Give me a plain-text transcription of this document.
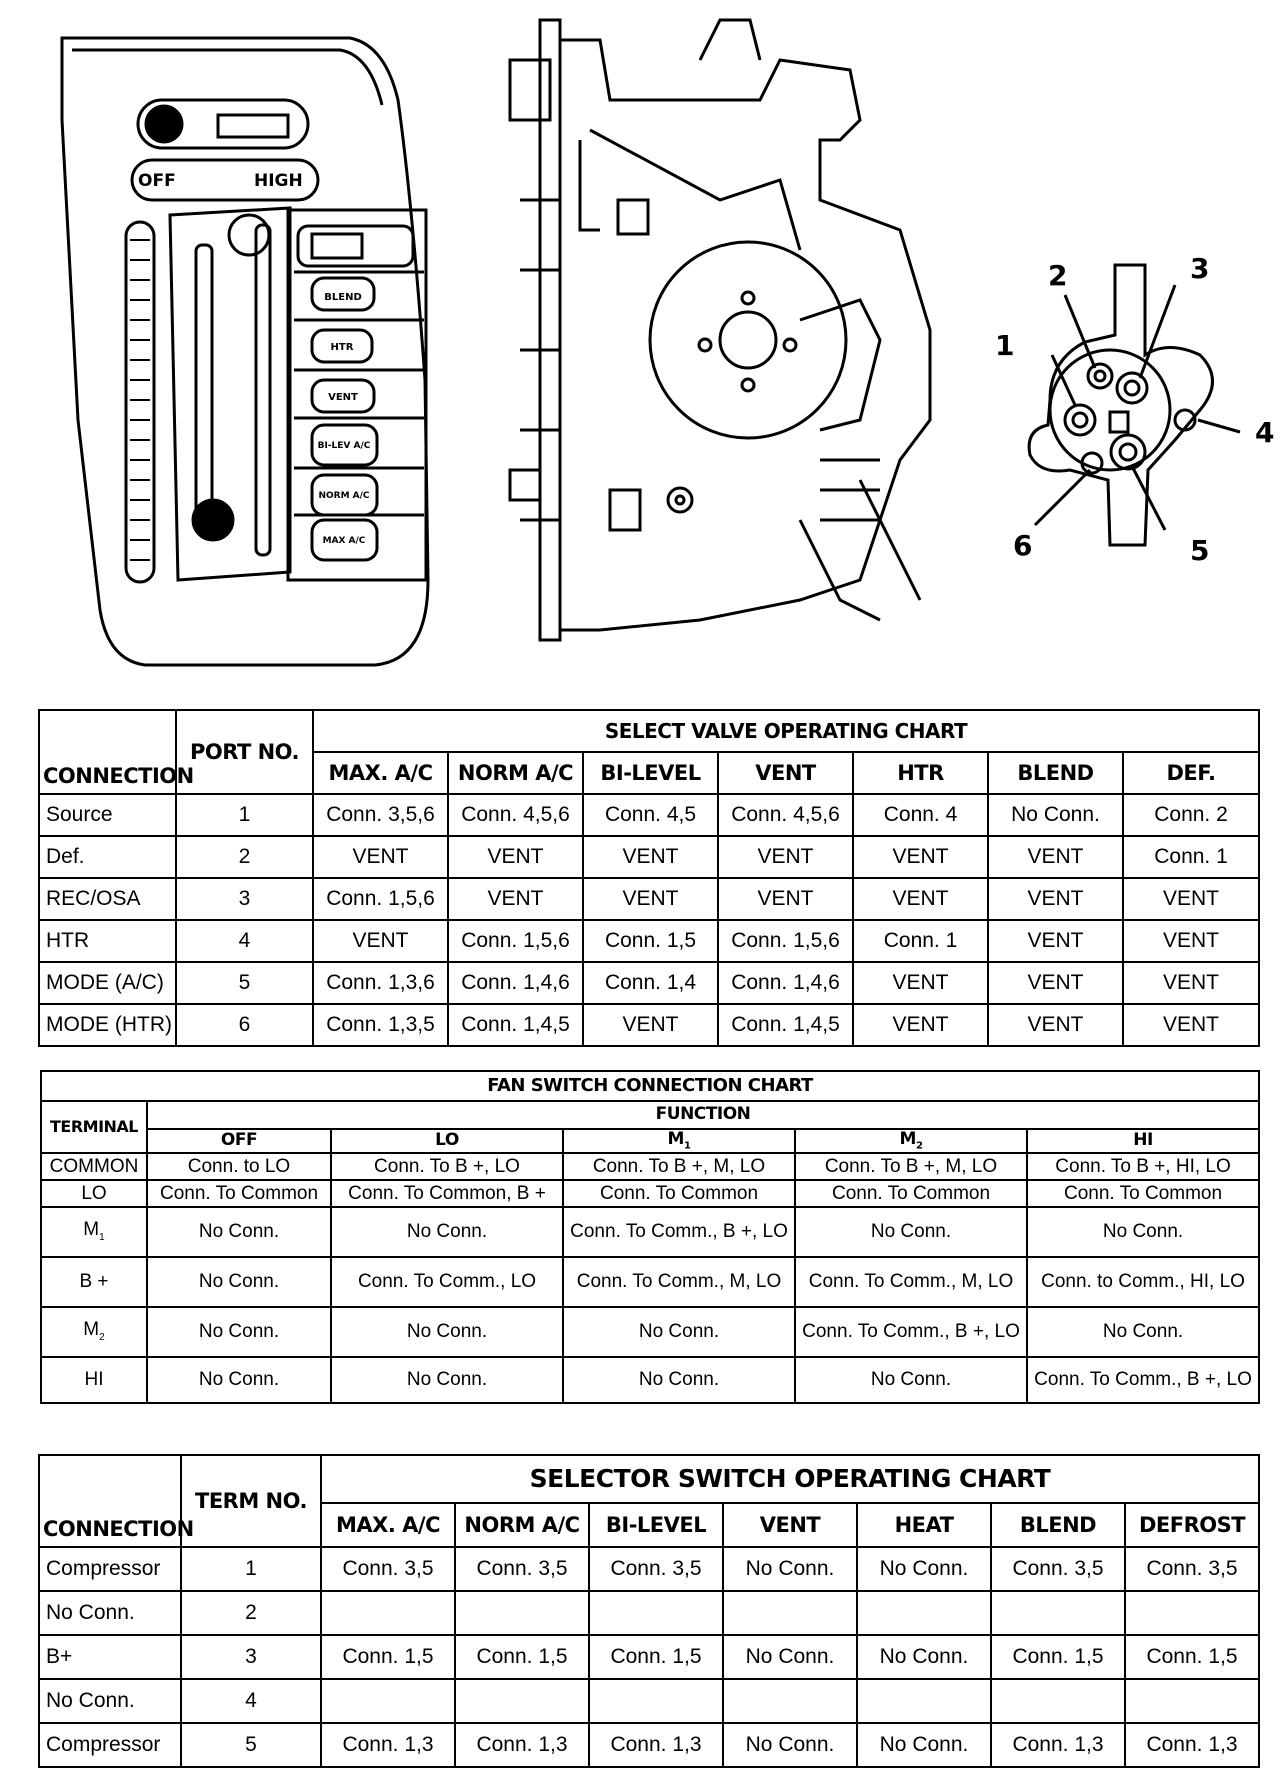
OFF	HIGH
BLEND
HTR
VENT
BI-LEV A/C
NORM A/C
MAX A/C
1
2	3
4
5
6
CONNECTION	PORT NO.	SELECT VALVE OPERATING CHART						
		MAX. A/C	NORM A/C	BI-LEVEL	VENT	HTR	BLEND	DEF.
Source	1	Conn. 3,5,6	Conn. 4,5,6	Conn. 4,5	Conn. 4,5,6	Conn. 4	No Conn.	Conn. 2
Def.	2	VENT	VENT	VENT	VENT	VENT	VENT	Conn. 1
REC/OSA	3	Conn. 1,5,6	VENT	VENT	VENT	VENT	VENT	VENT
HTR	4	VENT	Conn. 1,5,6	Conn. 1,5	Conn. 1,5,6	Conn. 1	VENT	VENT
MODE (A/C)	5	Conn. 1,3,6	Conn. 1,4,6	Conn. 1,4	Conn. 1,4,6	VENT	VENT	VENT
MODE (HTR)	6	Conn. 1,3,5	Conn. 1,4,5	VENT	Conn. 1,4,5	VENT	VENT	VENT
FAN SWITCH CONNECTION CHART					
TERMINAL	FUNCTION				
	OFF	LO	$M_1$	$M_2$	HI
COMMON	Conn. to LO	Conn. To B +, LO	Conn. To B +, M, LO	Conn. To B +, M, LO	Conn. To B +, HI, LO
LO	Conn. To Common	Conn. To Common, B +	Conn. To Common	Conn. To Common	Conn. To Common
$M_1$	No Conn.	No Conn.	Conn. To Comm., B +, LO	No Conn.	No Conn.
B +	No Conn.	Conn. To Comm., LO	Conn. To Comm., M, LO	Conn. To Comm., M, LO	Conn. to Comm., HI, LO
$M_2$	No Conn.	No Conn.	No Conn.	Conn. To Comm., B +, LO	No Conn.
HI	No Conn.	No Conn.	No Conn.	No Conn.	Conn. To Comm., B +, LO
CONNECTION	TERM NO.	SELECTOR SWITCH OPERATING CHART						
		MAX. A/C	NORM A/C	BI-LEVEL	VENT	HEAT	BLEND	DEFROST
Compressor	1	Conn. 3,5	Conn. 3,5	Conn. 3,5	No Conn.	No Conn.	Conn. 3,5	Conn. 3,5
No Conn.	2							
B+	3	Conn. 1,5	Conn. 1,5	Conn. 1,5	No Conn.	No Conn.	Conn. 1,5	Conn. 1,5
No Conn.	4							
Compressor	5	Conn. 1,3	Conn. 1,3	Conn. 1,3	No Conn.	No Conn.	Conn. 1,3	Conn. 1,3
